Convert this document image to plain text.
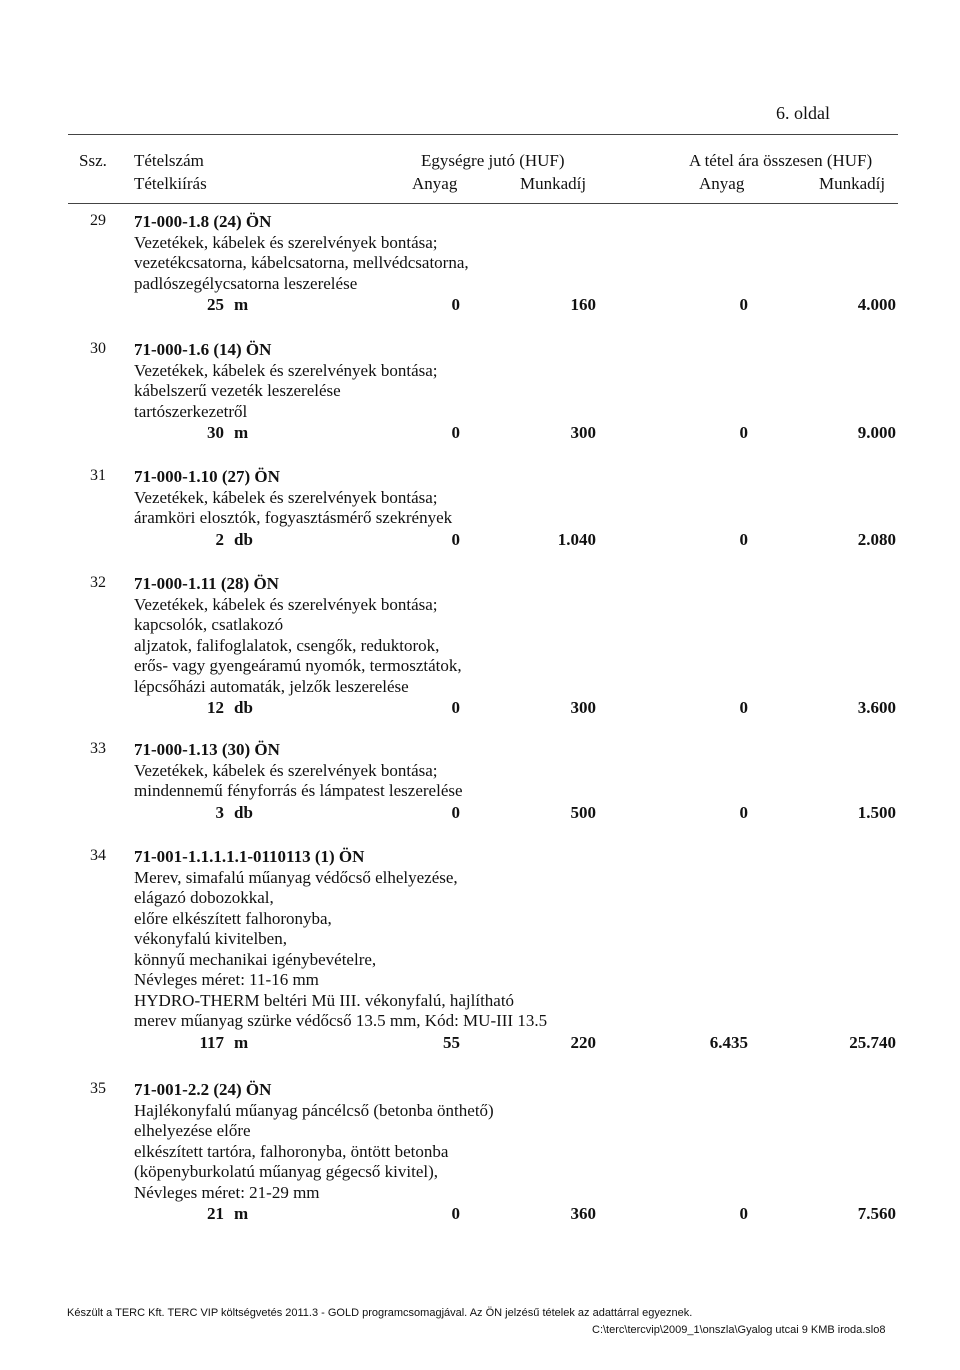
6. oldal
Ssz. Tételszám
Tételkiírás
Egységre jutó (HUF)
Anyag	Munkadíj
A tétel ára összesen (HUF)
Anyag	Munkadíj
29 71-000-1.8 (24) ÖN
Vezetékek, kábelek és szerelvények bontása;
vezetékcsatorna, kábelcsatorna, mellvédcsatorna,
padlószegélycsatorna leszerelése
25 m	0	160	0	4.000
30 71-000-1.6 (14) ÖN
Vezetékek, kábelek és szerelvények bontása;
kábelszerű vezeték leszerelése
tartószerkezetről
30 m	0	300	0	9.000
31 71-000-1.10 (27) ÖN
Vezetékek, kábelek és szerelvények bontása;
áramköri elosztók, fogyasztásmérő szekrények
2 db	0	1.040	0	2.080
32 71-000-1.11 (28) ÖN
Vezetékek, kábelek és szerelvények bontása;
kapcsolók, csatlakozó
aljzatok, falifoglalatok, csengők, reduktorok,
erős- vagy gyengeáramú nyomók, termosztátok,
lépcsőházi automaták, jelzők leszerelése
12 db	0	300	0	3.600
33 71-000-1.13 (30) ÖN
Vezetékek, kábelek és szerelvények bontása;
mindennemű fényforrás és lámpatest leszerelése
3 db	0	500	0	1.500
34 71-001-1.1.1.1.1-0110113 (1) ÖN
Merev, simafalú műanyag védőcső elhelyezése,
elágazó dobozokkal,
előre elkészített falhoronyba,
vékonyfalú kivitelben,
könnyű mechanikai igénybevételre,
Névleges méret: 11-16 mm
HYDRO-THERM beltéri Mü III. vékonyfalú, hajlítható
merev műanyag szürke védőcső 13.5 mm, Kód: MU-III 13.5
117 m	55	220	6.435	25.740
35 71-001-2.2 (24) ÖN
Hajlékonyfalú műanyag páncélcső (betonba önthető)
elhelyezése előre
elkészített tartóra, falhoronyba, öntött betonba
(köpenyburkolatú műanyag gégecső kivitel),
Névleges méret: 21-29 mm
21 m	0	360	0	7.560
Készült a TERC Kft. TERC VIP költségvetés 2011.3 - GOLD programcsomagjával. Az ÖN jelzésű tételek az adattárral egyeznek.
C:\terc\tercvip\2009_1\onszla\Gyalog utcai 9 KMB iroda.slo8
